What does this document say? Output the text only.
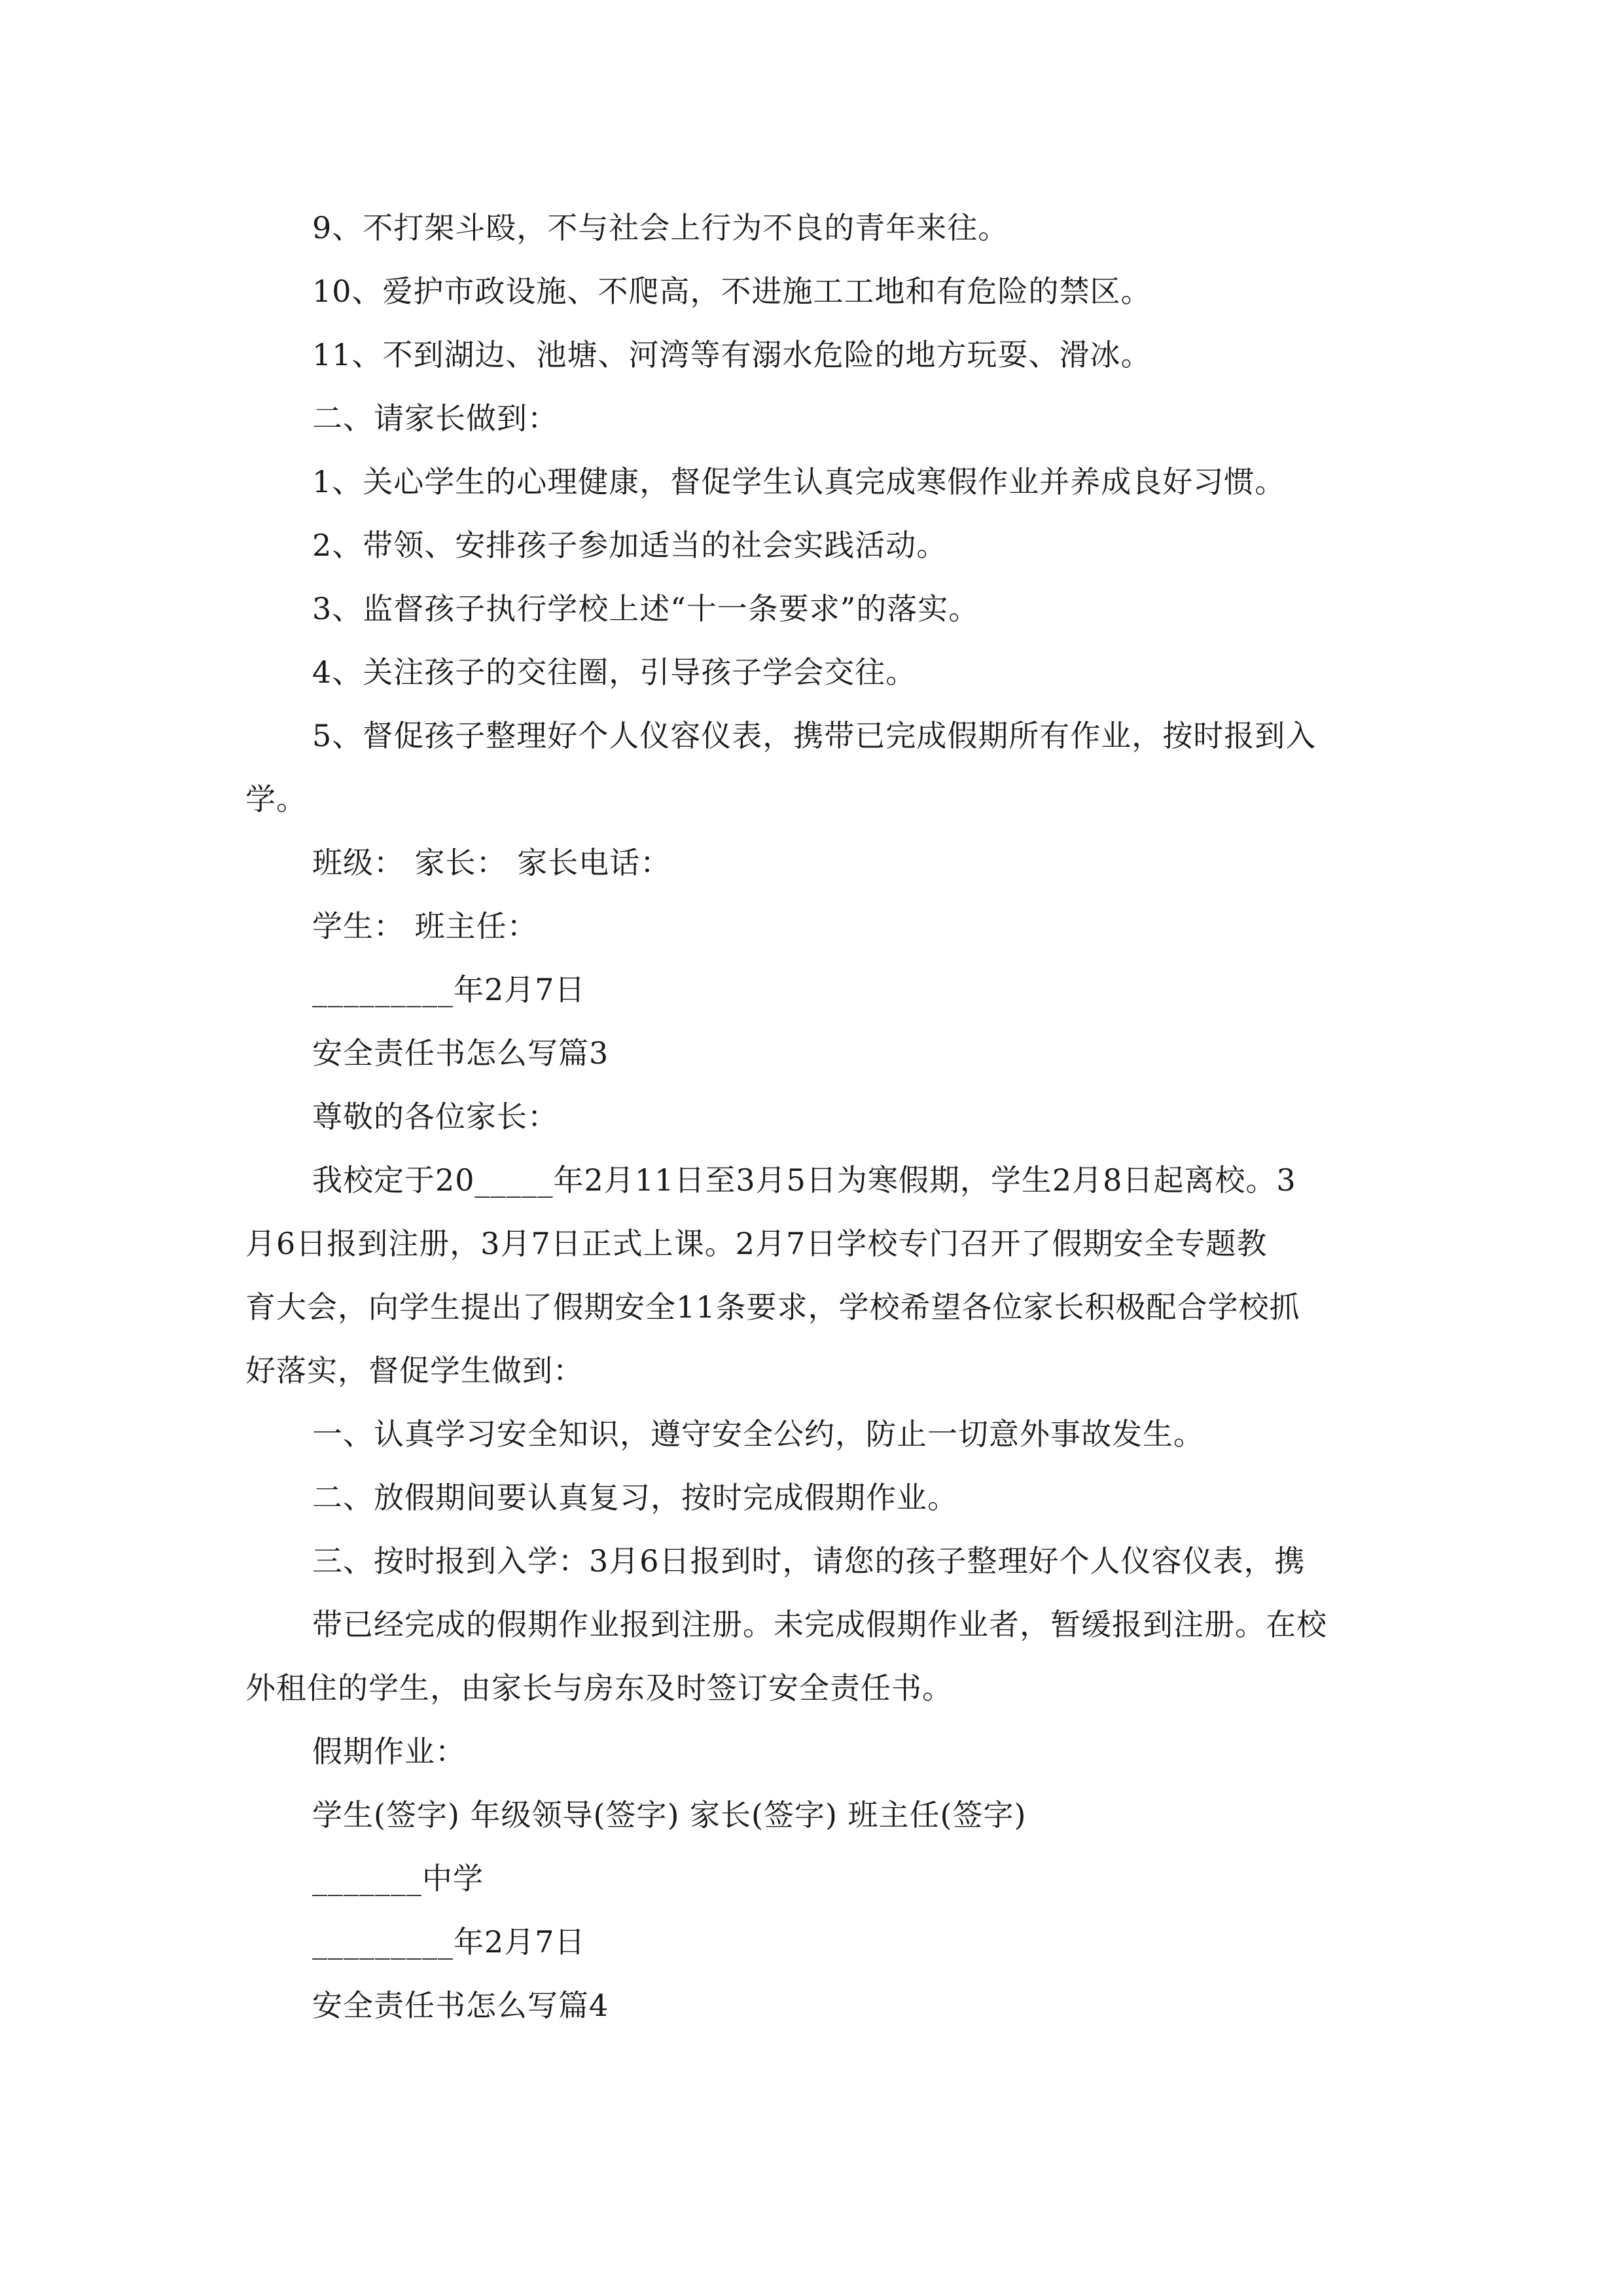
9、不打架斗殴，不与社会上行为不良的青年来往。

10、爱护市政设施、不爬高，不进施工工地和有危险的禁区。

11、不到湖边、池塘、河湾等有溺水危险的地方玩耍、滑冰。

二、请家长做到：

1、关心学生的心理健康，督促学生认真完成寒假作业并养成良好习惯。

2、带领、安排孩子参加适当的社会实践活动。

3、监督孩子执行学校上述“十一条要求”的落实。

4、关注孩子的交往圈，引导孩子学会交往。

5、督促孩子整理好个人仪容仪表，携带已完成假期所有作业，按时报到入

学。

班级： 家长： 家长电话：

学生： 班主任：

_________年2月7日

安全责任书怎么写篇3

尊敬的各位家长：

我校定于20_____年2月11日至3月5日为寒假期，学生2月8日起离校。3

月6日报到注册，3月7日正式上课。2月7日学校专门召开了假期安全专题教

育大会，向学生提出了假期安全11条要求，学校希望各位家长积极配合学校抓

好落实，督促学生做到：

一、认真学习安全知识，遵守安全公约，防止一切意外事故发生。

二、放假期间要认真复习，按时完成假期作业。

三、按时报到入学：3月6日报到时，请您的孩子整理好个人仪容仪表，携

带已经完成的假期作业报到注册。未完成假期作业者，暂缓报到注册。在校

外租住的学生，由家长与房东及时签订安全责任书。

假期作业：

学生(签字) 年级领导(签字) 家长(签字) 班主任(签字)

_______中学

_________年2月7日

安全责任书怎么写篇4
